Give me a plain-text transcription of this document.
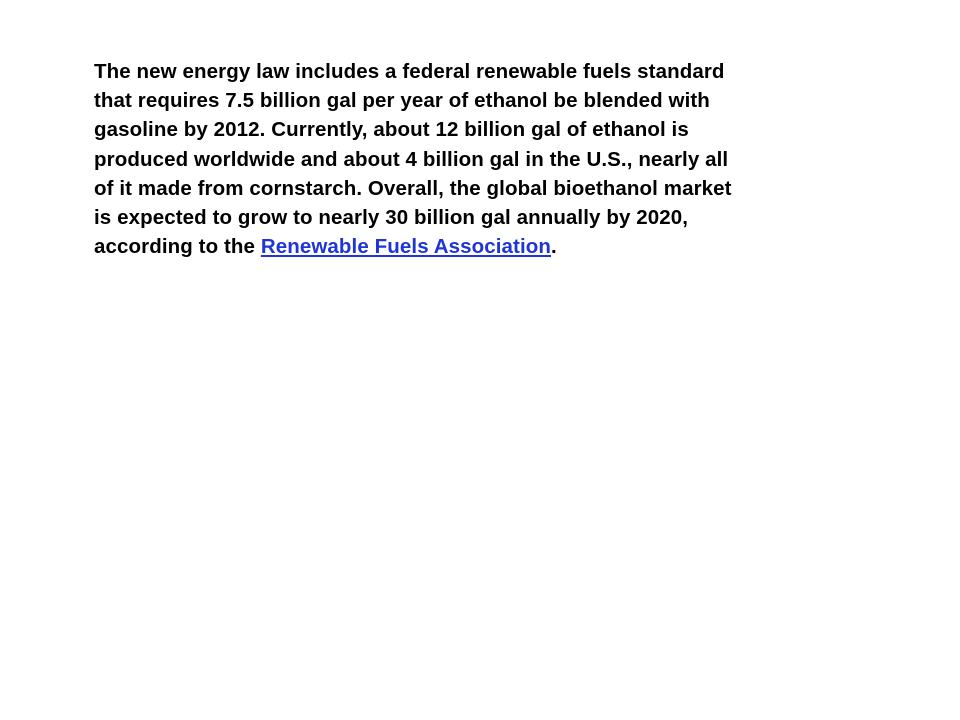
The new energy law includes a federal renewable fuels standard
that requires 7.5 billion gal per year of ethanol be blended with
gasoline by 2012. Currently, about 12 billion gal of ethanol is
produced worldwide and about 4 billion gal in the U.S., nearly all
of it made from cornstarch. Overall, the global bioethanol market
is expected to grow to nearly 30 billion gal annually by 2020,
according to the Renewable Fuels Association.
